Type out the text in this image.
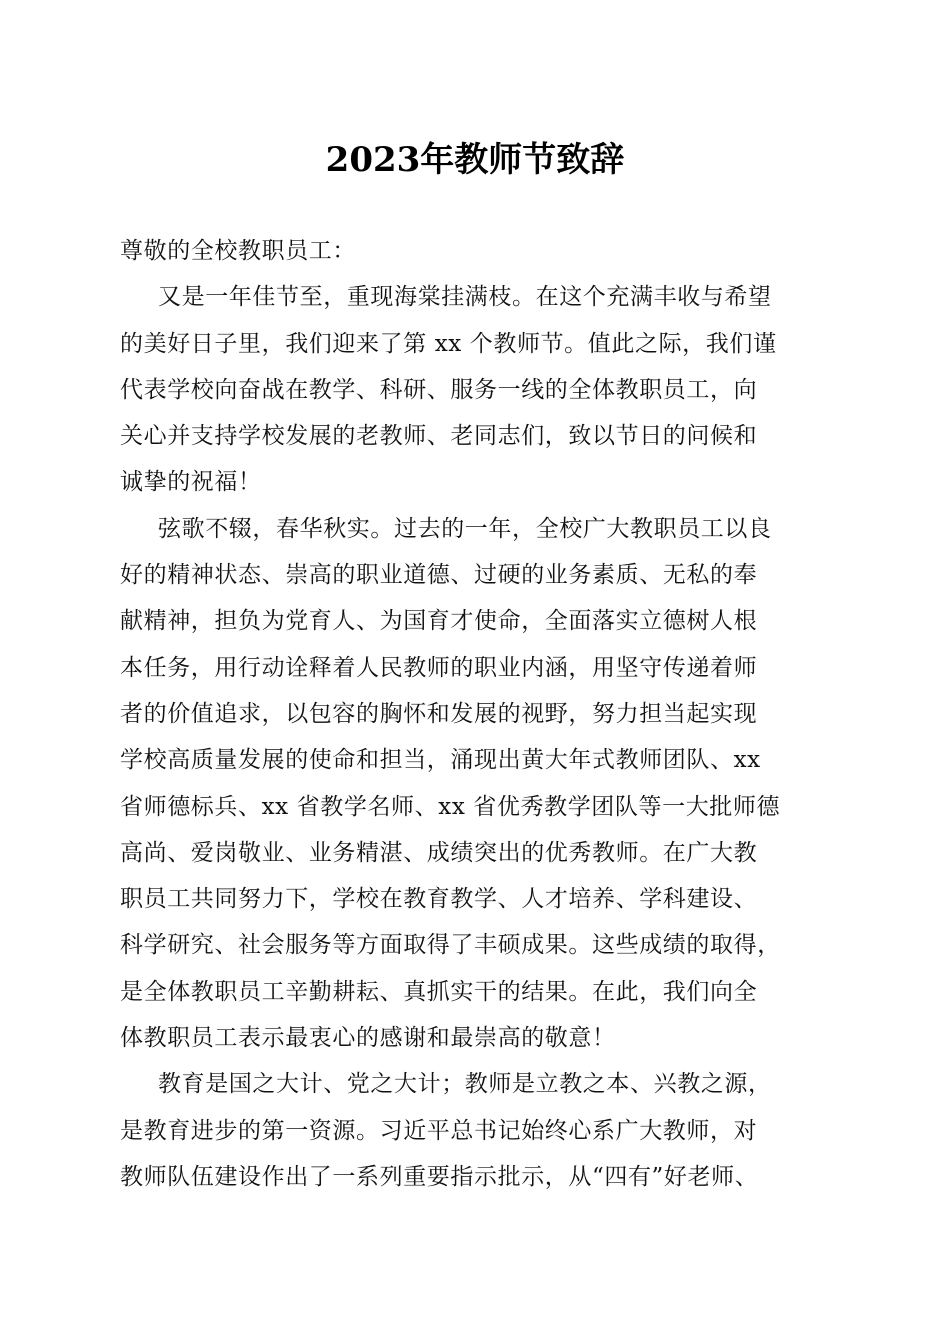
2023年教师节致辞
尊敬的全校教职员工：
又是一年佳节至，重现海棠挂满枝。在这个充满丰收与希望
的美好日子里，我们迎来了第 xx 个教师节。值此之际，我们谨
代表学校向奋战在教学、科研、服务一线的全体教职员工，向
关心并支持学校发展的老教师、老同志们，致以节日的问候和
诚挚的祝福！
弦歌不辍，春华秋实。过去的一年，全校广大教职员工以良
好的精神状态、崇高的职业道德、过硬的业务素质、无私的奉
献精神，担负为党育人、为国育才使命，全面落实立德树人根
本任务，用行动诠释着人民教师的职业内涵，用坚守传递着师
者的价值追求，以包容的胸怀和发展的视野，努力担当起实现
学校高质量发展的使命和担当，涌现出黄大年式教师团队、xx
省师德标兵、xx 省教学名师、xx 省优秀教学团队等一大批师德
高尚、爱岗敬业、业务精湛、成绩突出的优秀教师。在广大教
职员工共同努力下，学校在教育教学、人才培养、学科建设、
科学研究、社会服务等方面取得了丰硕成果。这些成绩的取得，
是全体教职员工辛勤耕耘、真抓实干的结果。在此，我们向全
体教职员工表示最衷心的感谢和最崇高的敬意！
教育是国之大计、党之大计；教师是立教之本、兴教之源，
是教育进步的第一资源。习近平总书记始终心系广大教师，对
教师队伍建设作出了一系列重要指示批示，从“四有”好老师、
